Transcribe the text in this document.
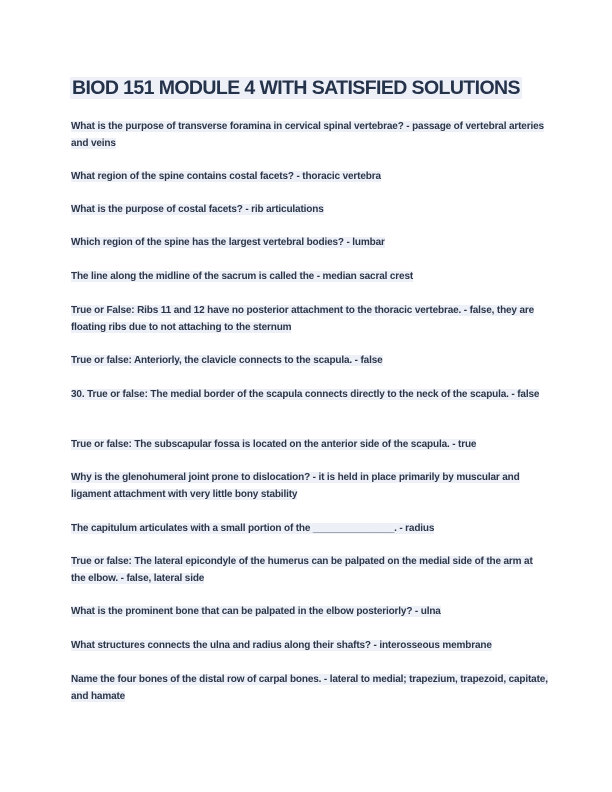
BIOD 151 MODULE 4 WITH SATISFIED SOLUTIONS

What is the purpose of transverse foramina in cervical spinal vertebrae? - passage of vertebral arteries and veins

What region of the spine contains costal facets? - thoracic vertebra

What is the purpose of costal facets? - rib articulations

Which region of the spine has the largest vertebral bodies? - lumbar

The line along the midline of the sacrum is called the - median sacral crest

True or False: Ribs 11 and 12 have no posterior attachment to the thoracic vertebrae. - false, they are floating ribs due to not attaching to the sternum

True or false: Anteriorly, the clavicle connects to the scapula. - false

30. True or false: The medial border of the scapula connects directly to the neck of the scapula. - false

True or false: The subscapular fossa is located on the anterior side of the scapula. - true

Why is the glenohumeral joint prone to dislocation? - it is held in place primarily by muscular and ligament attachment with very little bony stability

The capitulum articulates with a small portion of the _______________. - radius

True or false: The lateral epicondyle of the humerus can be palpated on the medial side of the arm at the elbow. - false, lateral side

What is the prominent bone that can be palpated in the elbow posteriorly? - ulna

What structures connects the ulna and radius along their shafts? - interosseous membrane

Name the four bones of the distal row of carpal bones. - lateral to medial; trapezium, trapezoid, capitate, and hamate
